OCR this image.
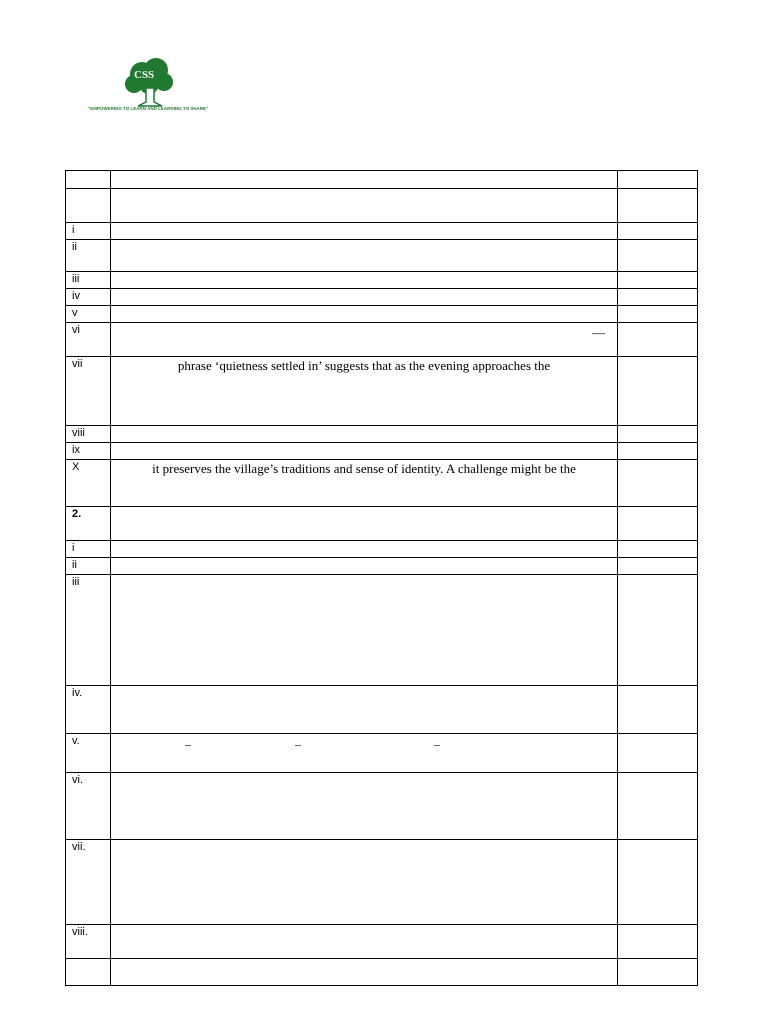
CSS
"EMPOWERING TO LEARN AND LEARNING TO SHARE"

i		
ii		
iii		
iv		
v		
vi	—	

vii	phrase ‘quietness settled in’ suggests that as the evening approaches the	

viii		
ix		
X	it preserves the village’s traditions and sense of identity. A challenge might be the	

2.		
i		
ii		
iii		
iv.		
v.	– – –	

vi.		
vii.		
viii.		
